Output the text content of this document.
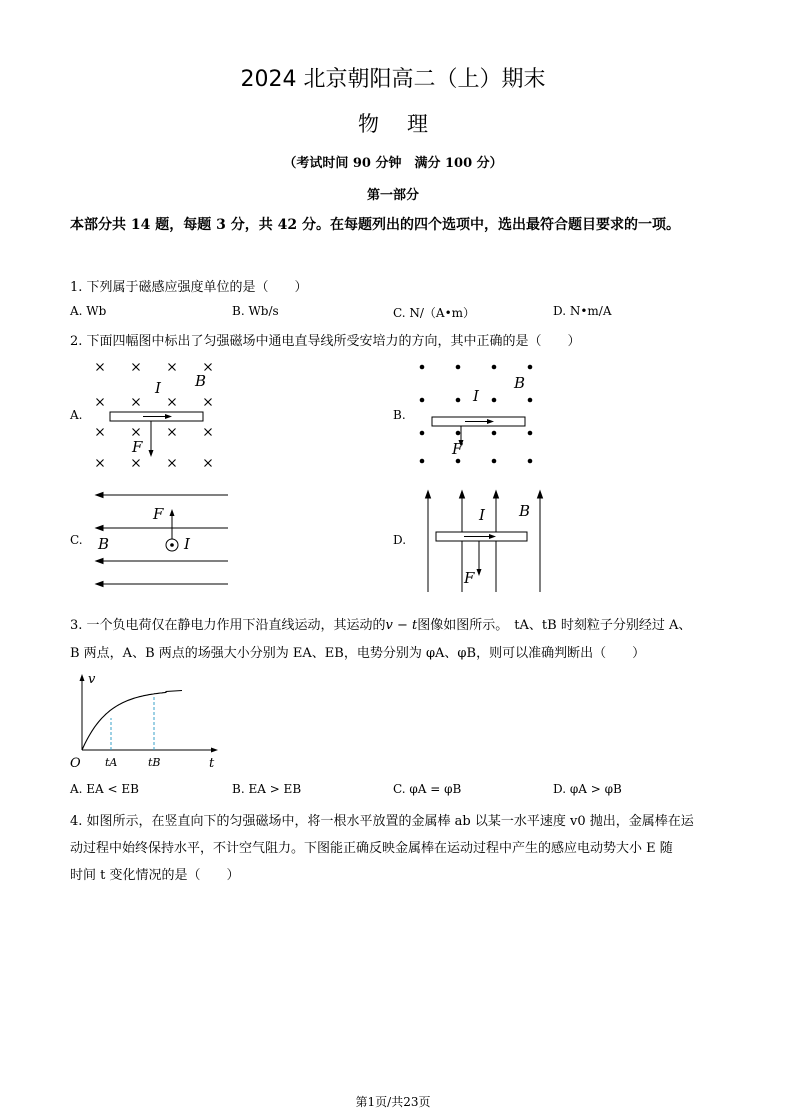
2024 北京朝阳高二（上）期末
物理
（考试时间 90 分钟　满分 100 分）
第一部分
本部分共 14 题，每题 3 分，共 42 分。在每题列出的四个选项中，选出最符合题目要求的一项。
1. 下列属于磁感应强度单位的是（　　）
A. Wb	B. Wb/s	C. N/（A•m）	D. N•m/A
2. 下面四幅图中标出了匀强磁场中通电直导线所受安培力的方向，其中正确的是（　　）
A.	B.
C.	D.
I B
F
I
B
F
F
B	I
I B
F
3. 一个负电荷仅在静电力作用下沿直线运动，其运动的v − t图像如图所示。 tA、tB 时刻粒子分别经过 A、
B 两点，A、B 两点的场强大小分别为 EA、EB，电势分别为 φA、φB，则可以准确判断出（　　）
v
t
O tA	tB
A. EA < EB	B. EA > EB	C. φA = φB	D. φA > φB
4. 如图所示，在竖直向下的匀强磁场中，将一根水平放置的金属棒 ab 以某一水平速度 v0 抛出，金属棒在运
动过程中始终保持水平，不计空气阻力。下图能正确反映金属棒在运动过程中产生的感应电动势大小 E 随
时间 t 变化情况的是（　　）
第1页/共23页
